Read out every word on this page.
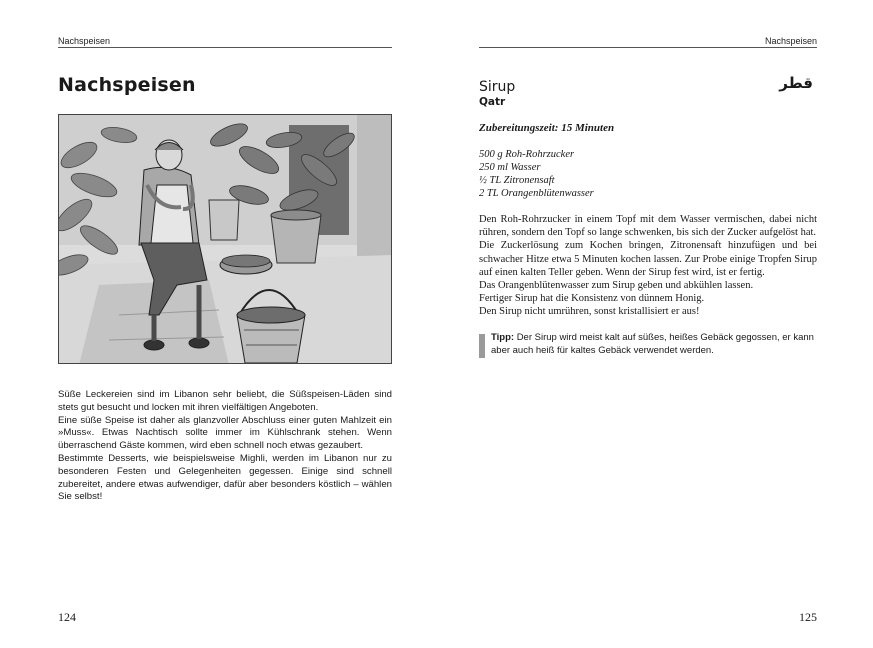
Nachspeisen
Nachspeisen

Süße Leckereien sind im Libanon sehr beliebt, die Süßspeisen-Läden sind stets gut besucht und locken mit ihren vielfältigen Angeboten.

Eine süße Speise ist daher als glanzvoller Abschluss einer guten Mahlzeit ein »Muss«. Etwas Nachtisch sollte immer im Kühlschrank stehen. Wenn überraschend Gäste kommen, wird eben schnell noch etwas gezaubert.

Bestimmte Desserts, wie beispielsweise Mighli, werden im Libanon nur zu besonderen Festen und Gelegenheiten gegessen. Einige sind schnell zubereitet, andere etwas aufwendiger, dafür aber besonders köstlich – wählen Sie selbst!

124
Nachspeisen
Sirup
Qatr
قطر
Zubereitungszeit: 15 Minuten
500 g Roh-Rohrzucker
250 ml Wasser
½ TL Zitronensaft
2 TL Orangenblütenwasser

Den Roh-Rohrzucker in einem Topf mit dem Wasser vermischen, dabei nicht rühren, sondern den Topf so lange schwenken, bis sich der Zucker aufgelöst hat.

Die Zuckerlösung zum Kochen bringen, Zitronensaft hinzufügen und bei schwacher Hitze etwa 5 Minuten kochen lassen. Zur Probe einige Tropfen Sirup auf einen kalten Teller geben. Wenn der Sirup fest wird, ist er fertig.

Das Orangenblütenwasser zum Sirup geben und abkühlen lassen.

Fertiger Sirup hat die Konsistenz von dünnem Honig.

Den Sirup nicht umrühren, sonst kristallisiert er aus!

Tipp: Der Sirup wird meist kalt auf süßes, heißes Gebäck gegossen, er kann aber auch heiß für kaltes Gebäck verwendet werden.
125
